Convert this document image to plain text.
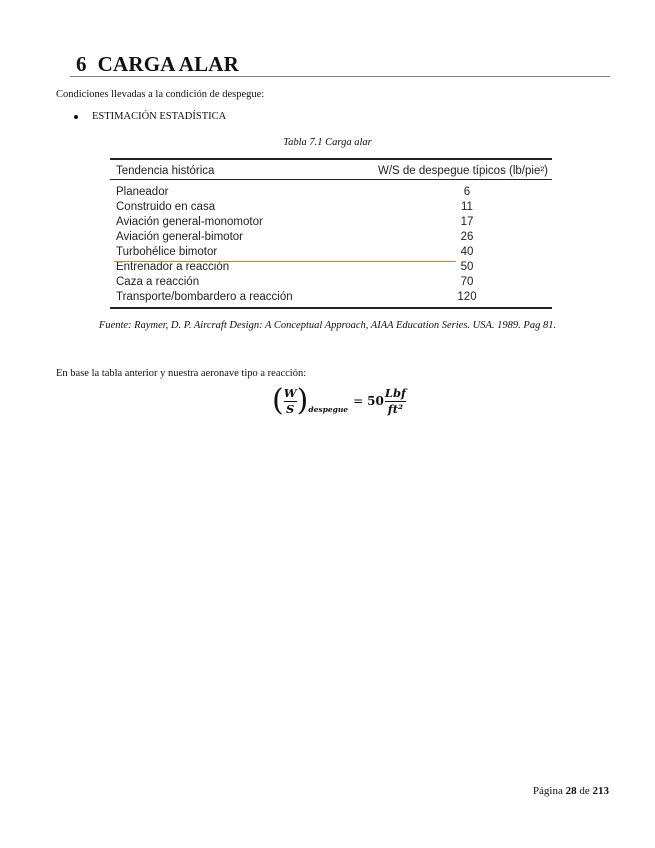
6 CARGA ALAR
Condiciones llevadas a la condición de despegue:
ESTIMACIÓN ESTADÍSTICA
Tabla 7.1 Carga alar
Tendencia histórica	W/S de despegue típicos (lb/pie²)
Planeador	6
Construido en casa	11
Aviación general-monomotor	17
Aviación general-bimotor	26
Turbohélice bimotor	40
Entrenador a reacción	50
Caza a reacción	70
Transporte/bombardero a reacción	120
Fuente: Raymer, D. P. Aircraft Design: A Conceptual Approach, AIAA Education Series. USA. 1989. Pag 81.
En base la tabla anterior y nuestra aeronave tipo a reacción:
( $\frac{W}{S}$ ) despegue
= $50 \frac{\text{Lbf}}{\text{ft²}}$
Página 28 de 213
